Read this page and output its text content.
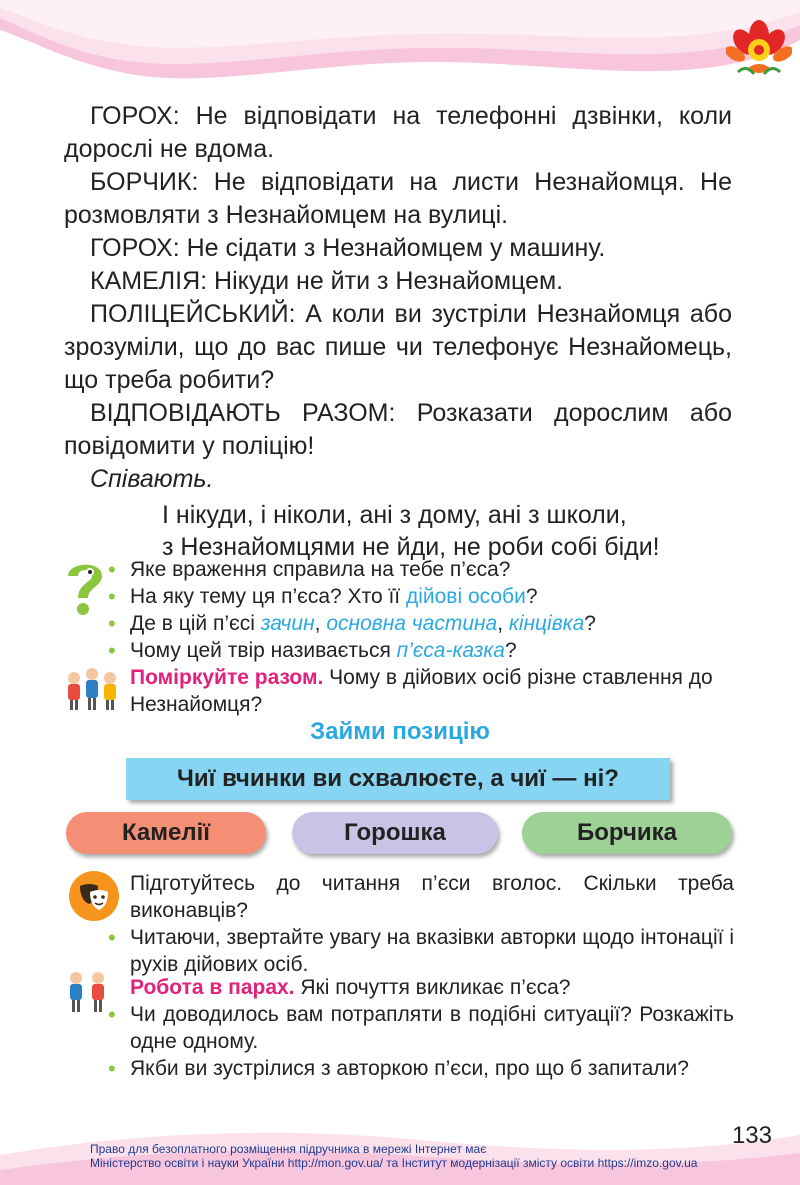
ГОРОХ: Не відповідати на телефонні дзвінки, коли дорослі не вдома.

БОРЧИК: Не відповідати на листи Незнайомця. Не розмовляти з Незнайомцем на вулиці.

ГОРОХ: Не сідати з Незнайомцем у машину.

КАМЕЛІЯ: Нікуди не йти з Незнайомцем.

ПОЛІЦЕЙСЬКИЙ: А коли ви зустріли Незнайомця або зрозуміли, що до вас пише чи телефонує Незнайомець, що треба робити?

ВІДПОВІДАЮТЬ РАЗОМ: Розказати дорослим або повідомити у поліцію!

Співають.

І нікуди, і ніколи, ані з дому, ані з школи,
з Незнайомцями не йди, не роби собі біди!
• Яке враження справила на тебе п’єса?
• На яку тему ця п’єса? Хто її дійові особи?
• Де в цій п’єсі зачин, основна частина, кінцівка?
• Чому цей твір називається п’єса-казка?
Поміркуйте разом. Чому в дійових осіб різне ставлення до Незнайомця?
Займи позицію
Чиї вчинки ви схвалюєте, а чиї — ні?
Камелії	Горошка	Борчика
Підготуйтесь до читання п’єси вголос. Скільки треба виконавців?
• Читаючи, звертайте увагу на вказівки авторки щодо інтонації і рухів дійових осіб.
Робота в парах. Які почуття викликає п’єса?
• Чи доводилось вам потрапляти в подібні ситуації? Розкажіть одне одному.
• Якби ви зустрілися з авторкою п’єси, про що б запитали?
133
Право для безоплатного розміщення підручника в мережі Інтернет має
Міністерство освіти і науки України http://mon.gov.ua/ та Інститут модернізації змісту освіти https://imzo.gov.ua
